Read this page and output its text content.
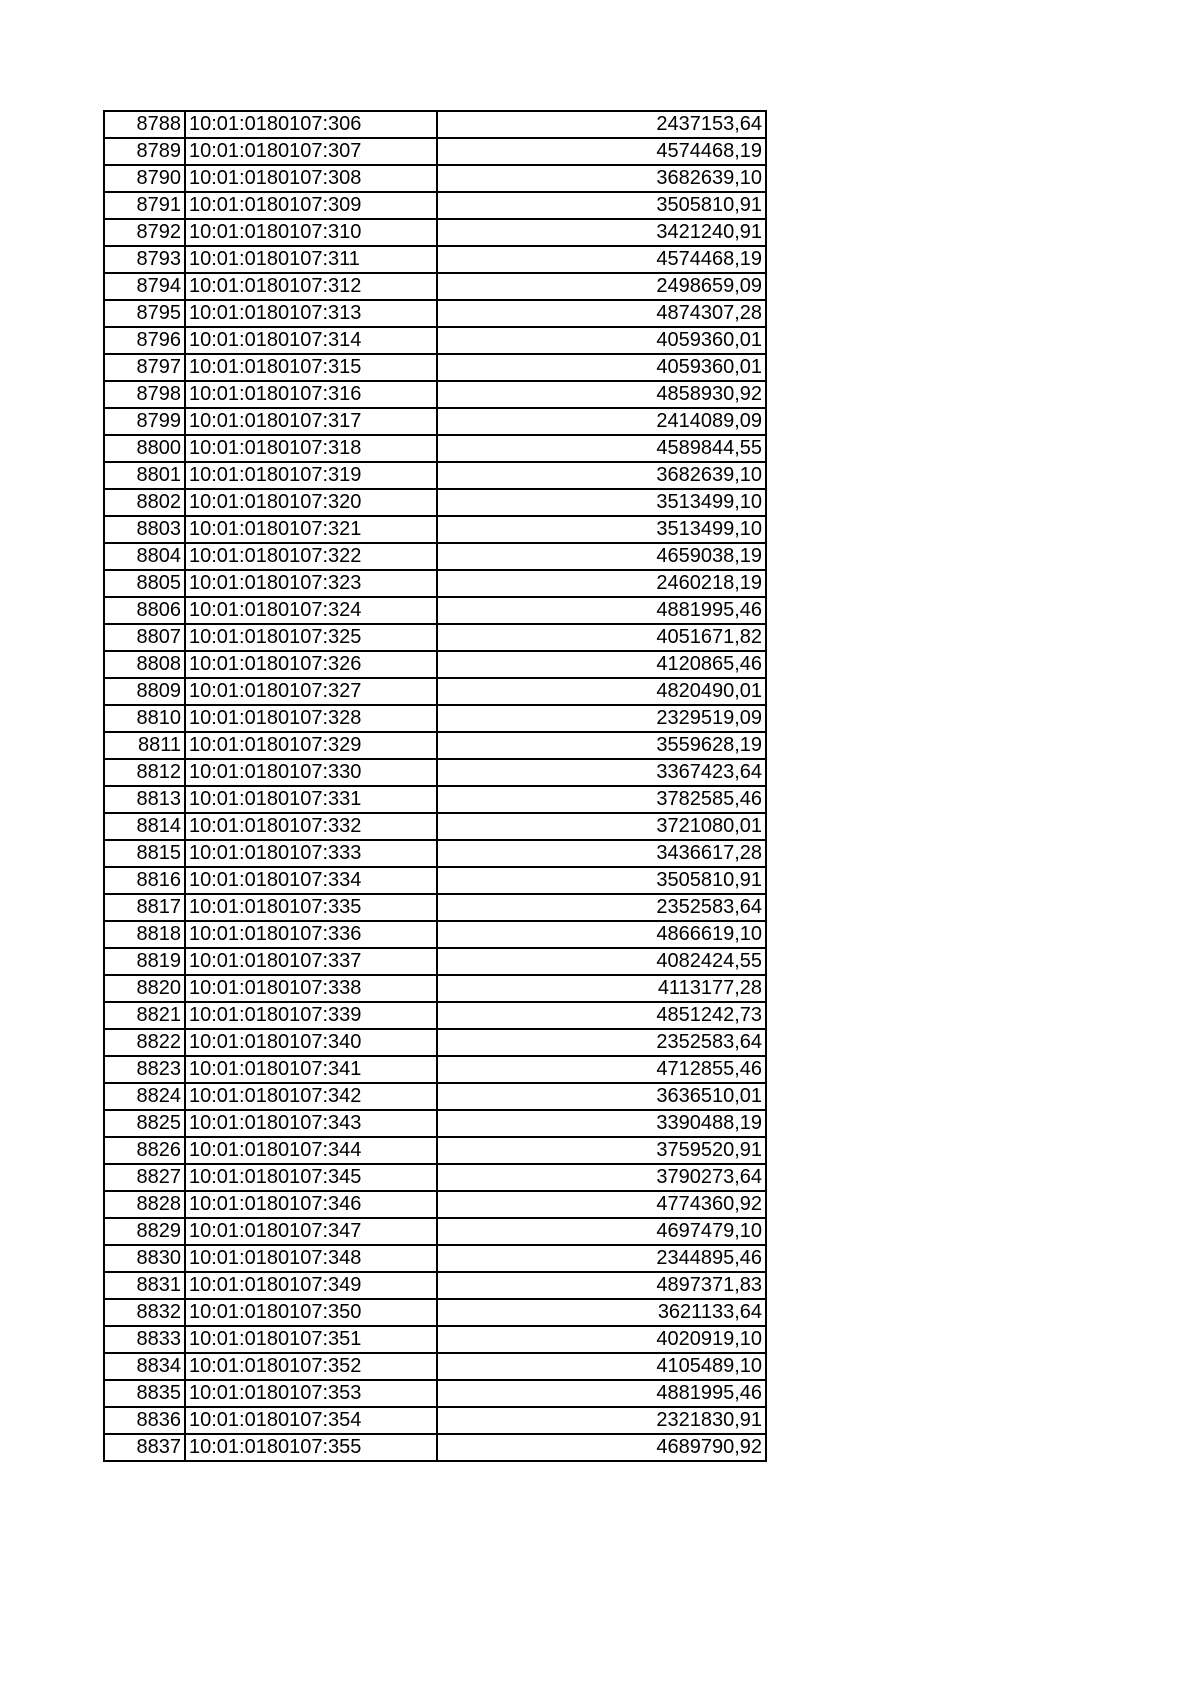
8788	10:01:0180107:306	2437153,64
8789	10:01:0180107:307	4574468,19
8790	10:01:0180107:308	3682639,10
8791	10:01:0180107:309	3505810,91
8792	10:01:0180107:310	3421240,91
8793	10:01:0180107:311	4574468,19
8794	10:01:0180107:312	2498659,09
8795	10:01:0180107:313	4874307,28
8796	10:01:0180107:314	4059360,01
8797	10:01:0180107:315	4059360,01
8798	10:01:0180107:316	4858930,92
8799	10:01:0180107:317	2414089,09
8800	10:01:0180107:318	4589844,55
8801	10:01:0180107:319	3682639,10
8802	10:01:0180107:320	3513499,10
8803	10:01:0180107:321	3513499,10
8804	10:01:0180107:322	4659038,19
8805	10:01:0180107:323	2460218,19
8806	10:01:0180107:324	4881995,46
8807	10:01:0180107:325	4051671,82
8808	10:01:0180107:326	4120865,46
8809	10:01:0180107:327	4820490,01
8810	10:01:0180107:328	2329519,09
8811	10:01:0180107:329	3559628,19
8812	10:01:0180107:330	3367423,64
8813	10:01:0180107:331	3782585,46
8814	10:01:0180107:332	3721080,01
8815	10:01:0180107:333	3436617,28
8816	10:01:0180107:334	3505810,91
8817	10:01:0180107:335	2352583,64
8818	10:01:0180107:336	4866619,10
8819	10:01:0180107:337	4082424,55
8820	10:01:0180107:338	4113177,28
8821	10:01:0180107:339	4851242,73
8822	10:01:0180107:340	2352583,64
8823	10:01:0180107:341	4712855,46
8824	10:01:0180107:342	3636510,01
8825	10:01:0180107:343	3390488,19
8826	10:01:0180107:344	3759520,91
8827	10:01:0180107:345	3790273,64
8828	10:01:0180107:346	4774360,92
8829	10:01:0180107:347	4697479,10
8830	10:01:0180107:348	2344895,46
8831	10:01:0180107:349	4897371,83
8832	10:01:0180107:350	3621133,64
8833	10:01:0180107:351	4020919,10
8834	10:01:0180107:352	4105489,10
8835	10:01:0180107:353	4881995,46
8836	10:01:0180107:354	2321830,91
8837	10:01:0180107:355	4689790,92
